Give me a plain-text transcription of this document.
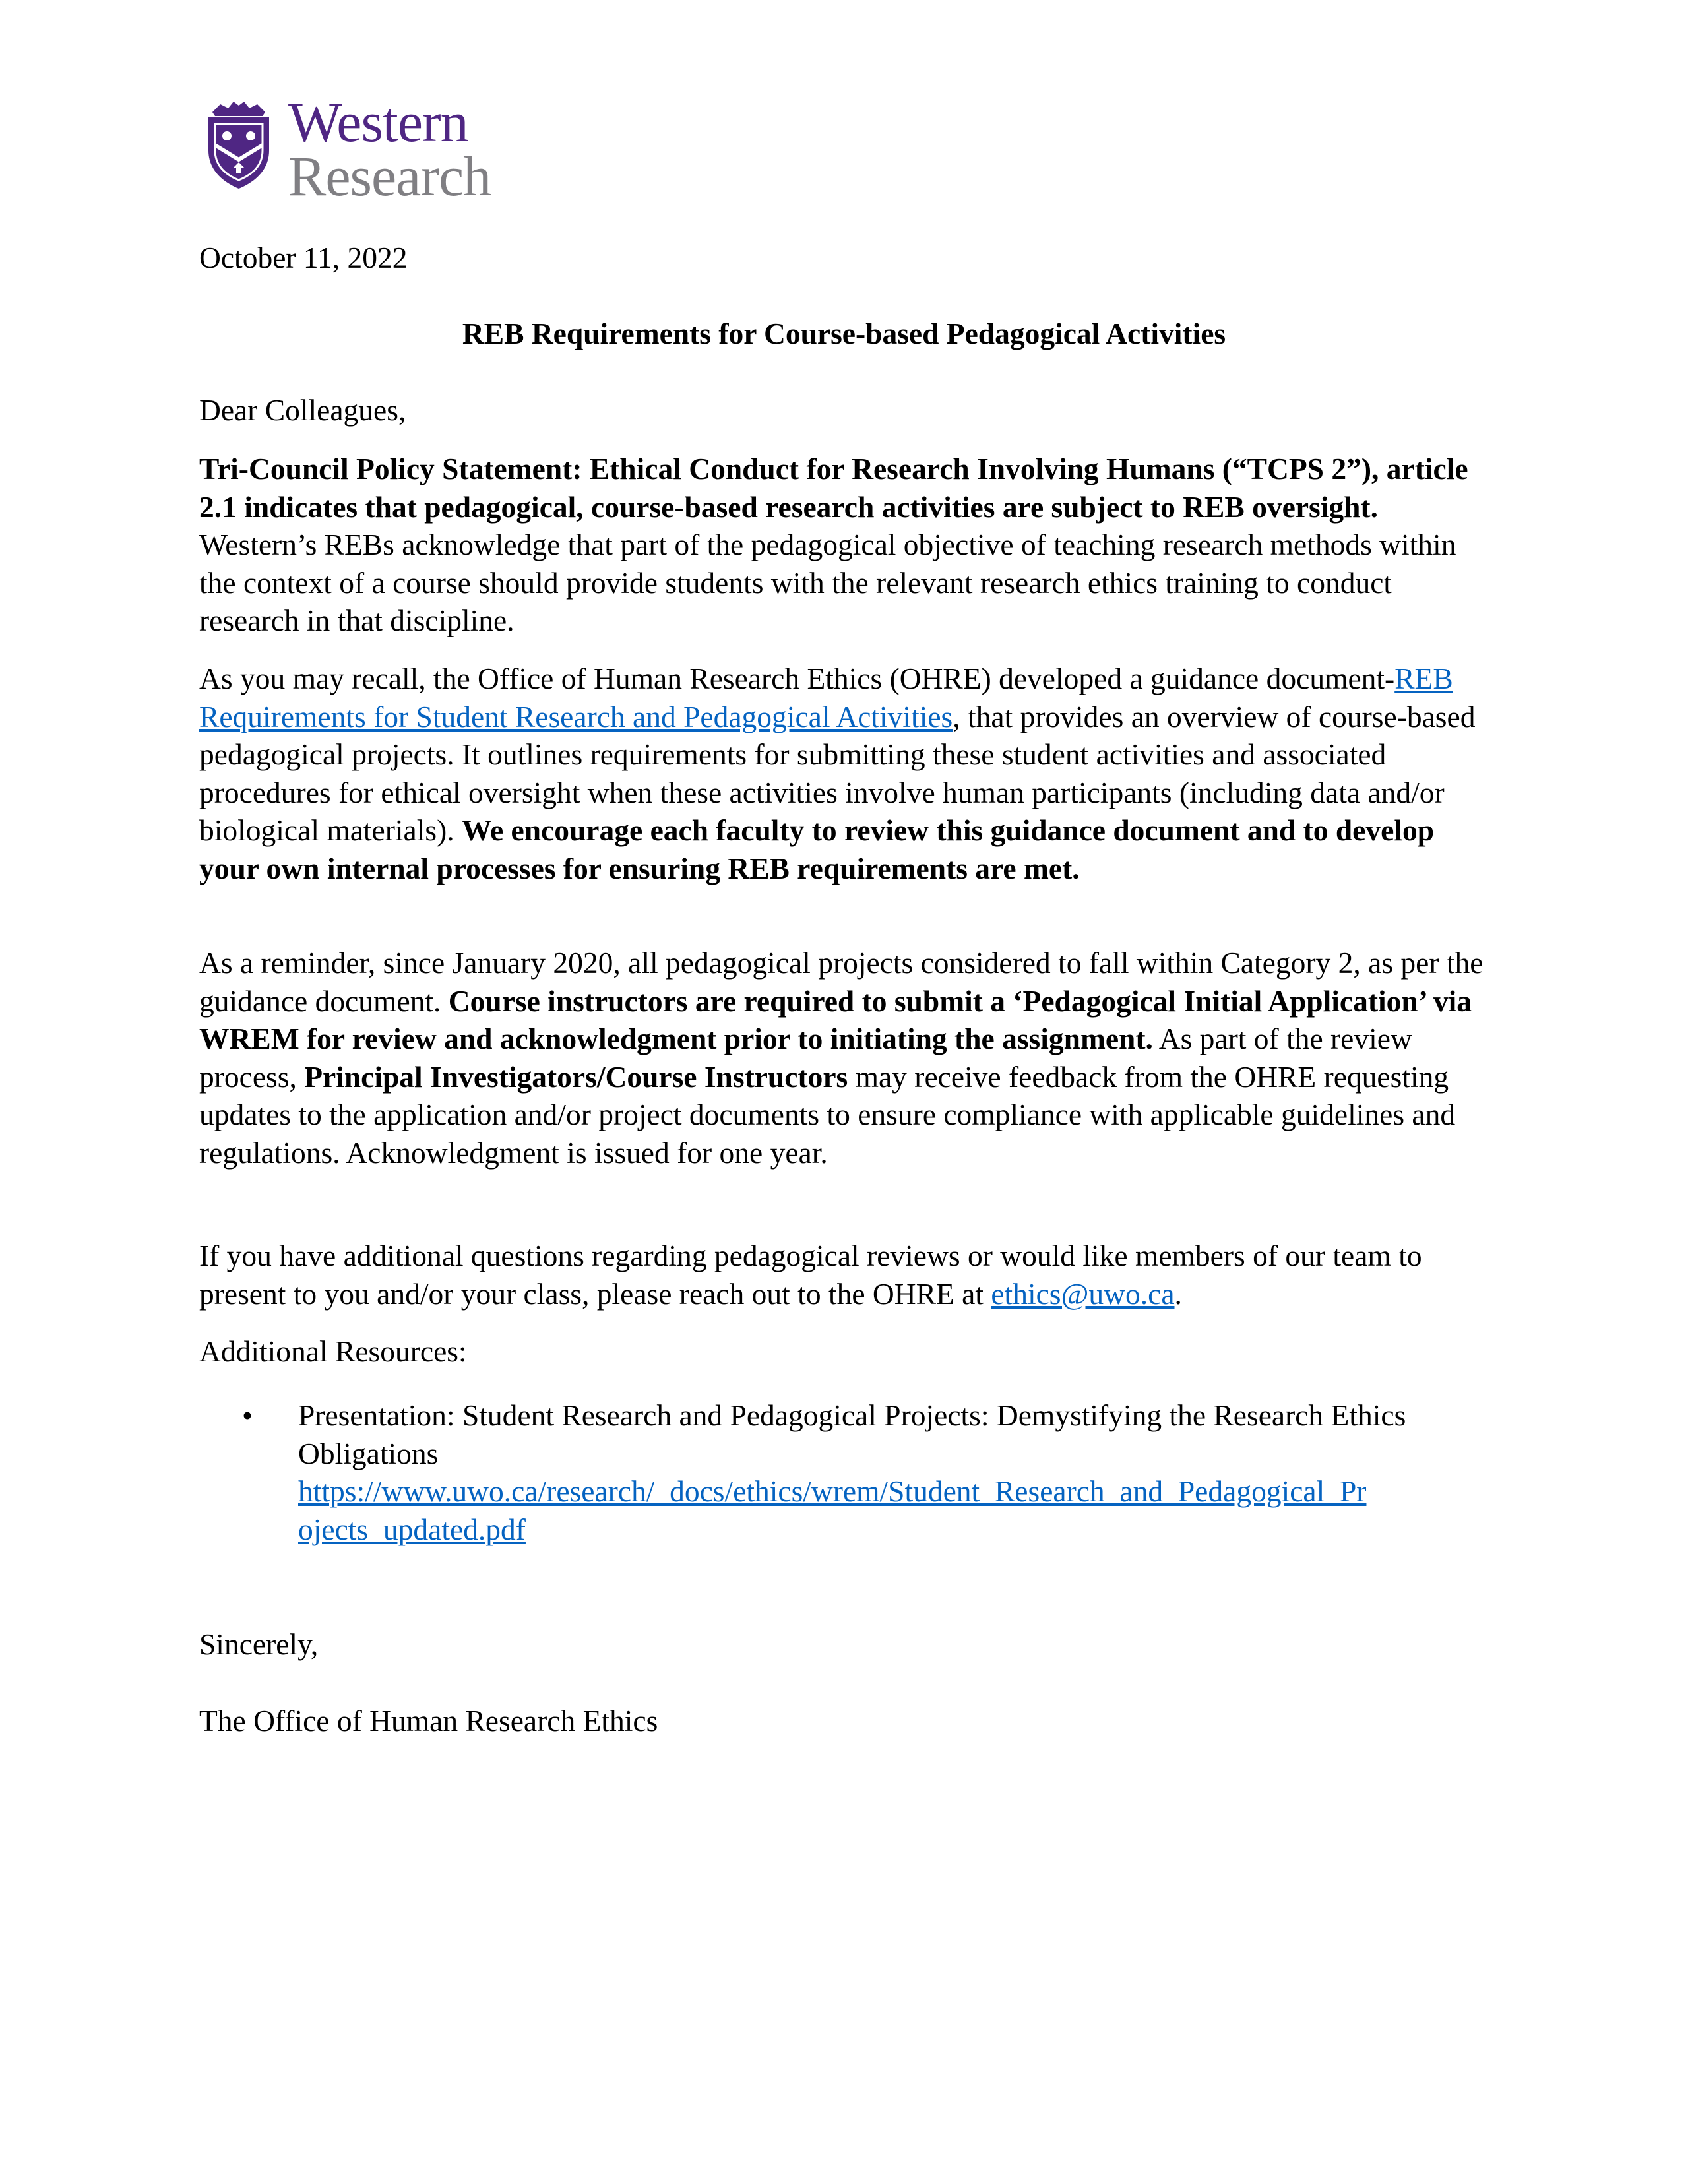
Western
Research

October 11, 2022

REB Requirements for Course-based Pedagogical Activities

Dear Colleagues,

Tri-Council Policy Statement: Ethical Conduct for Research Involving Humans (“TCPS 2”), article 2.1 indicates that pedagogical, course-based research activities are subject to REB oversight. Western’s REBs acknowledge that part of the pedagogical objective of teaching research methods within the context of a course should provide students with the relevant research ethics training to conduct research in that discipline.

As you may recall, the Office of Human Research Ethics (OHRE) developed a guidance document-REB Requirements for Student Research and Pedagogical Activities, that provides an overview of course-based pedagogical projects. It outlines requirements for submitting these student activities and associated procedures for ethical oversight when these activities involve human participants (including data and/or biological materials). We encourage each faculty to review this guidance document and to develop your own internal processes for ensuring REB requirements are met.

As a reminder, since January 2020, all pedagogical projects considered to fall within Category 2, as per the guidance document. Course instructors are required to submit a ‘Pedagogical Initial Application’ via WREM for review and acknowledgment prior to initiating the assignment. As part of the review process, Principal Investigators/Course Instructors may receive feedback from the OHRE requesting updates to the application and/or project documents to ensure compliance with applicable guidelines and regulations. Acknowledgment is issued for one year.

If you have additional questions regarding pedagogical reviews or would like members of our team to present to you and/or your class, please reach out to the OHRE at ethics@uwo.ca.

Additional Resources:

• Presentation: Student Research and Pedagogical Projects: Demystifying the Research Ethics Obligations
https://www.uwo.ca/research/_docs/ethics/wrem/Student_Research_and_Pedagogical_Pr
ojects_updated.pdf

Sincerely,

The Office of Human Research Ethics
